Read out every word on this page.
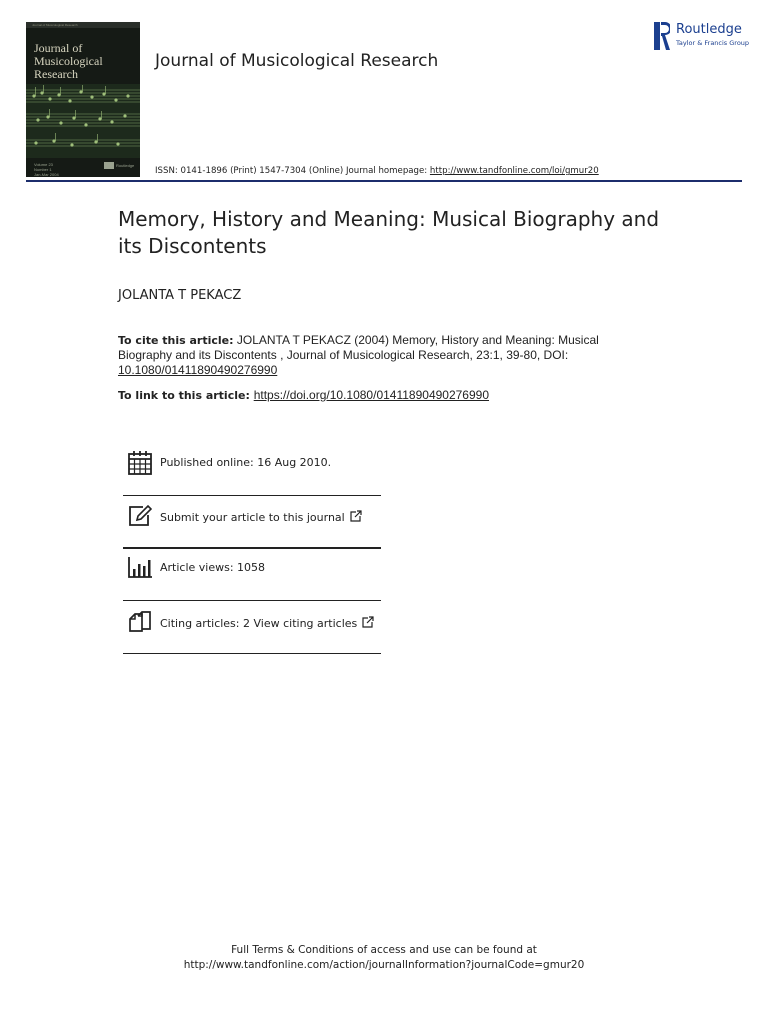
Journal of Musicological Research
Journal of
Musicological
Research
Volume 23
Number 1
Jan-Mar 2004
Routledge
Journal of Musicological Research
Routledge
Taylor & Francis Group
ISSN: 0141-1896 (Print) 1547-7304 (Online) Journal homepage: http://www.tandfonline.com/loi/gmur20
Memory, History and Meaning: Musical Biography and its Discontents
JOLANTA T PEKACZ
To cite this article: JOLANTA T PEKACZ (2004) Memory, History and Meaning: Musical Biography and its Discontents , Journal of Musicological Research, 23:1, 39-80, DOI: 10.1080/01411890490276990
To link to this article: https://doi.org/10.1080/01411890490276990
Published online: 16 Aug 2010.
Submit your article to this journal
Article views: 1058
Citing articles: 2 View citing articles
Full Terms & Conditions of access and use can be found at
http://www.tandfonline.com/action/journalInformation?journalCode=gmur20
